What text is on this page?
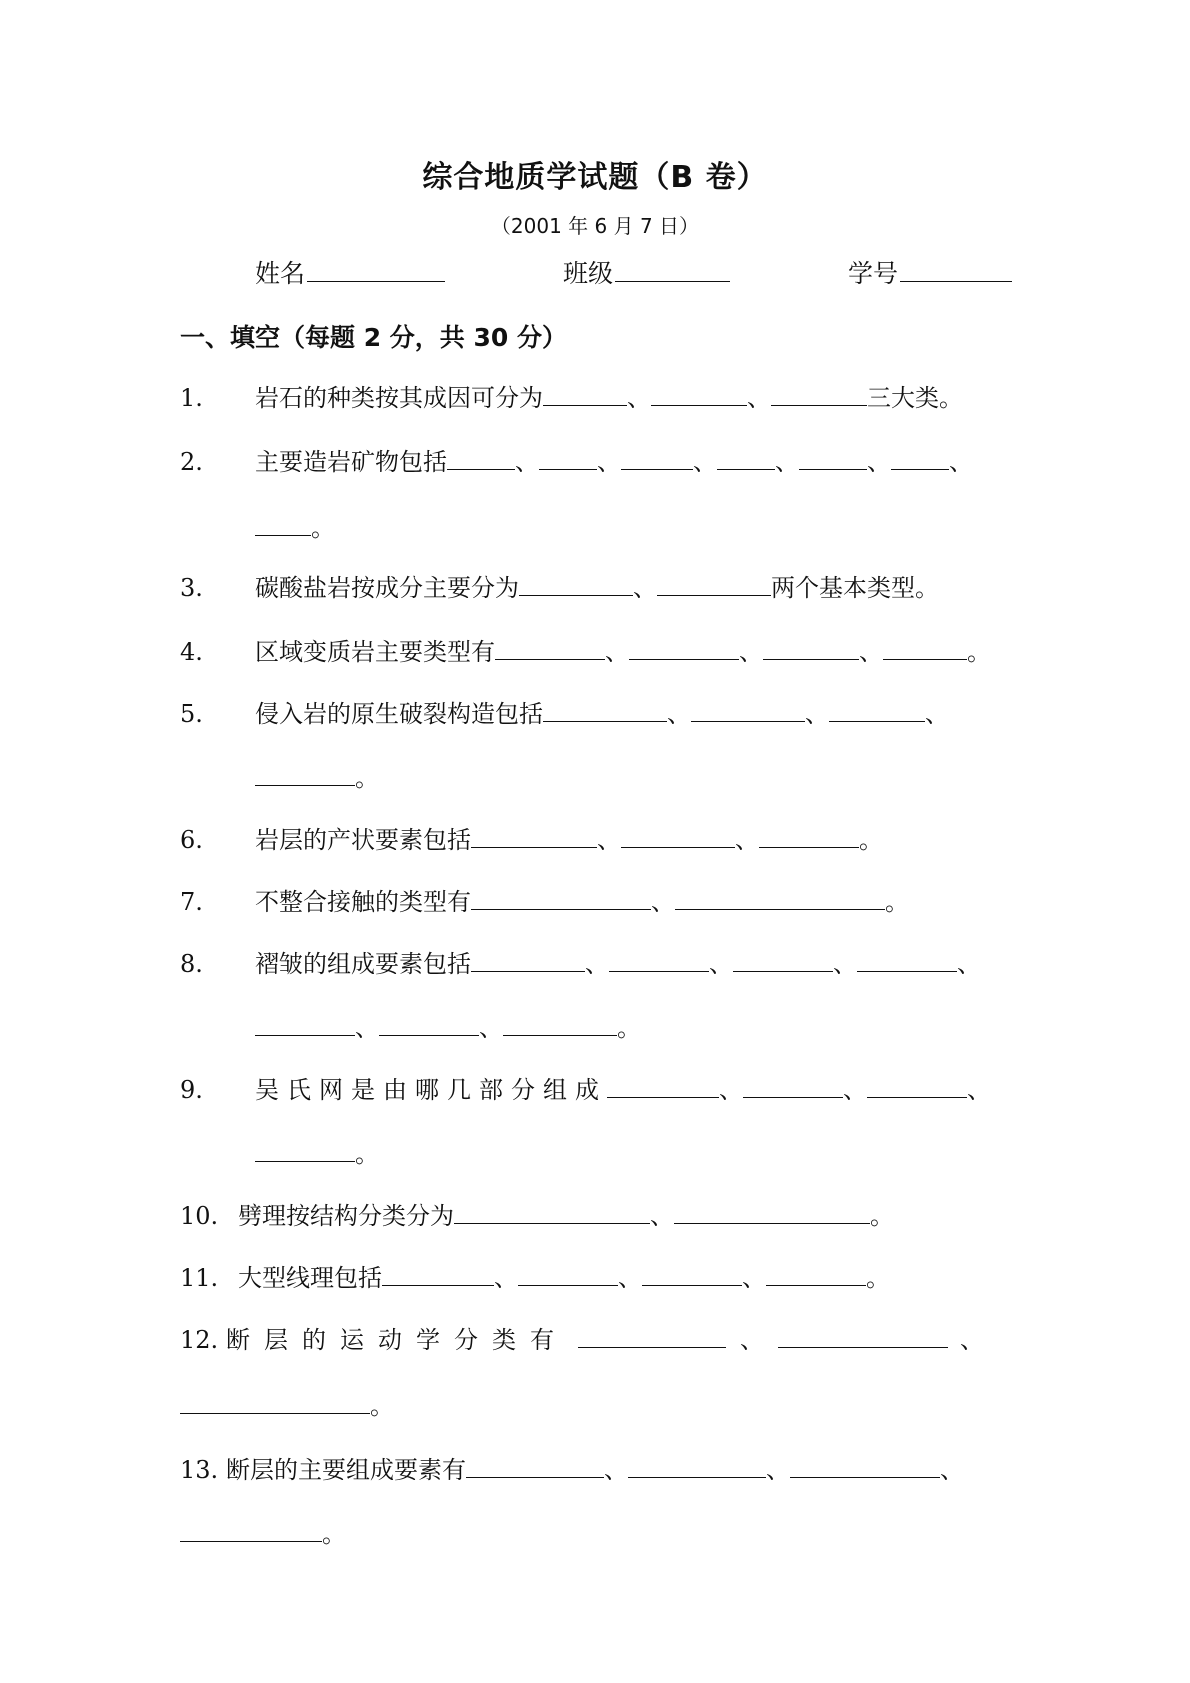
综合地质学试题（B 卷）
（2001 年 6 月 7 日）
姓名	班级	学号
一、填空（每题 2 分，共 30 分）
1. 岩石的种类按其成因可分为	、	、	三大类。
2. 主要造岩矿物包括	、 、	、 、	、 、
。
3. 碳酸盐岩按成分主要分为	、	两个基本类型。
4. 区域变质岩主要类型有	、	、	、	。
5. 侵入岩的原生破裂构造包括	、	、	、
。
6. 岩层的产状要素包括	、	、	。
7. 不整合接触的类型有	、	。
8. 褶皱的组成要素包括	、	、	、	、
、	、	。
9. 吴氏网是由哪几部分组成	、	、	、
。
10. 劈理按结构分类分为	、	。
11. 大型线理包括	、	、	、	。
12. 断层的运动学分类有	、	、
。
13. 断层的主要组成要素有	、	、	、
。
